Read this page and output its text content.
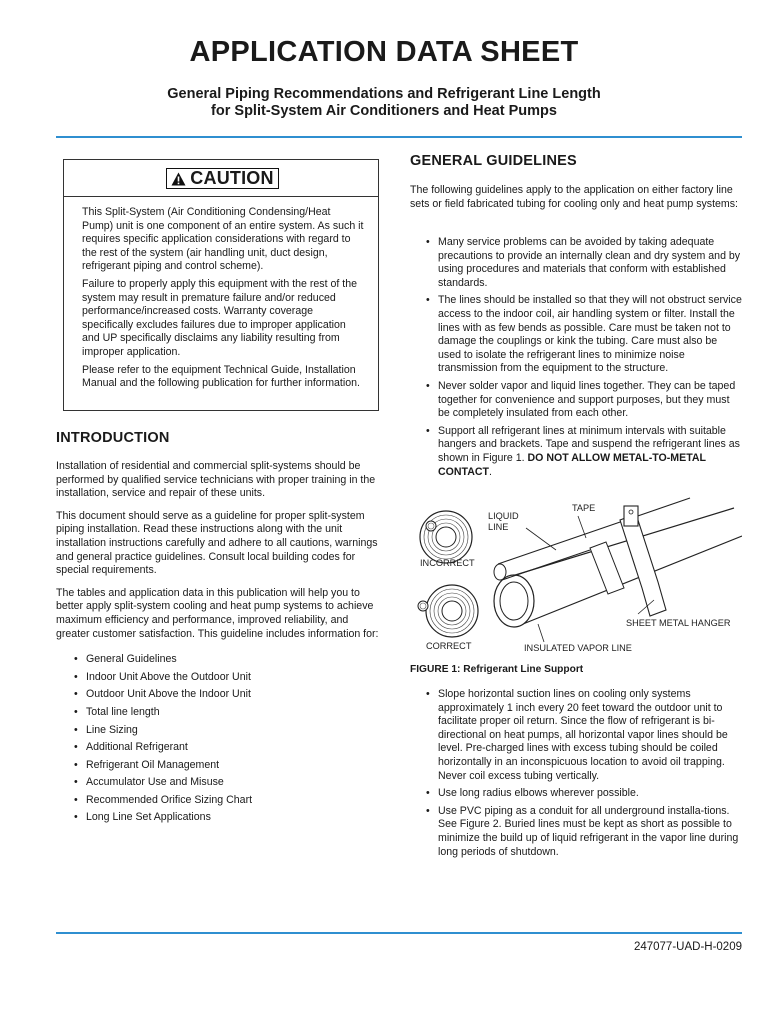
APPLICATION DATA SHEET
General Piping Recommendations and Refrigerant Line Length
for Split-System Air Conditioners and Heat Pumps
CAUTION

This Split-System (Air Conditioning Condensing/Heat Pump) unit is one component of an entire system. As such it requires specific application considerations with regard to the rest of the system (air handling unit, duct design, refrigerant piping and control scheme).

Failure to properly apply this equipment with the rest of the system may result in premature failure and/or reduced performance/increased costs. Warranty coverage specifically excludes failures due to improper application and UP specifically disclaims any liability resulting from improper application.

Please refer to the equipment Technical Guide, Installation Manual and the following publication for further information.

INTRODUCTION

Installation of residential and commercial split-systems should be performed by qualified service technicians with proper training in the installation, service and repair of these units.

This document should serve as a guideline for proper split-system piping installation. Read these instructions along with the unit installation instructions carefully and adhere to all cautions, warnings and general practice guidelines. Consult local building codes for special requirements.

The tables and application data in this publication will help you to better apply split-system cooling and heat pump systems to achieve maximum efficiency and performance, improved reliability, and greater customer satisfaction. This guideline includes information for:

• General Guidelines
• Indoor Unit Above the Outdoor Unit
• Outdoor Unit Above the Indoor Unit
• Total line length
• Line Sizing
• Additional Refrigerant
• Refrigerant Oil Management
• Accumulator Use and Misuse
• Recommended Orifice Sizing Chart
• Long Line Set Applications
GENERAL GUIDELINES

The following guidelines apply to the application on either factory line sets or field fabricated tubing for cooling only and heat pump systems:

• Many service problems can be avoided by taking adequate precautions to provide an internally clean and dry system and by using procedures and materials that conform with established standards.
• The lines should be installed so that they will not obstruct service access to the indoor coil, air handling system or filter. Install the lines with as few bends as possible. Care must be taken not to damage the couplings or kink the tubing. Care must also be used to isolate the refrigerant lines to minimize noise transmission from the equipment to the structure.
• Never solder vapor and liquid lines together. They can be taped together for convenience and support purposes, but they must be completely insulated from each other.
• Support all refrigerant lines at minimum intervals with suitable hangers and brackets. Tape and suspend the refrigerant lines as shown in Figure 1. DO NOT ALLOW METAL-TO-METAL CONTACT.
TAPE
LIQUID
LINE
INCORRECT
CORRECT
SHEET METAL HANGER
INSULATED VAPOR LINE
FIGURE 1: Refrigerant Line Support
• Slope horizontal suction lines on cooling only systems approximately 1 inch every 20 feet toward the outdoor unit to facilitate proper oil return. Since the flow of refrigerant is bi-directional on heat pumps, all horizontal vapor lines should be level. Pre-charged lines with excess tubing should be coiled horizontally in an inconspicuous location to avoid oil trapping. Never coil excess tubing vertically.
• Use long radius elbows wherever possible.
• Use PVC piping as a conduit for all underground installa-tions. See Figure 2. Buried lines must be kept as short as possible to minimize the build up of liquid refrigerant in the vapor line during long periods of shutdown.
247077-UAD-H-0209
